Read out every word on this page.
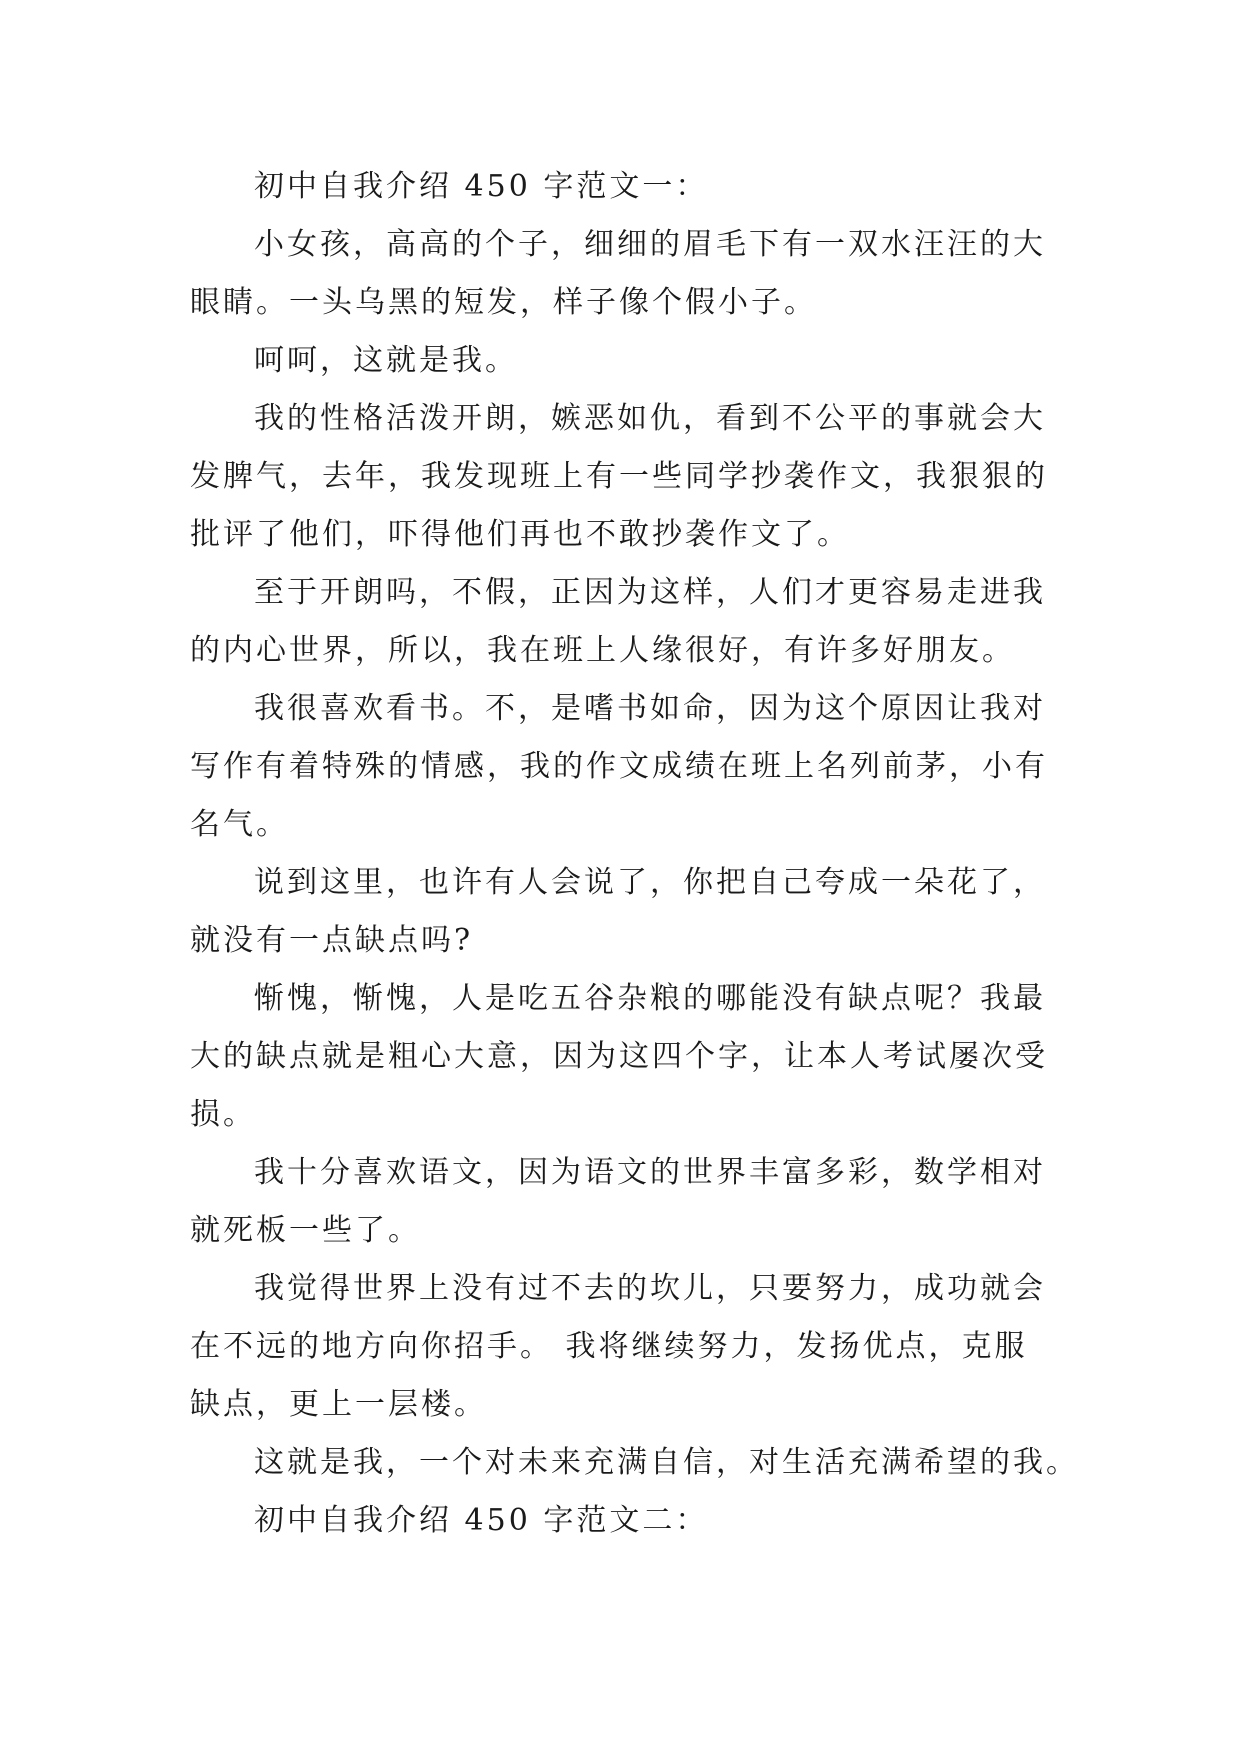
初中自我介绍 450 字范文一：
小女孩，高高的个子，细细的眉毛下有一双水汪汪的大
眼睛。一头乌黑的短发，样子像个假小子。
呵呵，这就是我。
我的性格活泼开朗，嫉恶如仇，看到不公平的事就会大
发脾气，去年，我发现班上有一些同学抄袭作文，我狠狠的
批评了他们，吓得他们再也不敢抄袭作文了。
至于开朗吗，不假，正因为这样，人们才更容易走进我
的内心世界，所以，我在班上人缘很好，有许多好朋友。
我很喜欢看书。不，是嗜书如命，因为这个原因让我对
写作有着特殊的情感，我的作文成绩在班上名列前茅，小有
名气。
说到这里，也许有人会说了，你把自己夸成一朵花了，
就没有一点缺点吗?
惭愧，惭愧，人是吃五谷杂粮的哪能没有缺点呢？我最
大的缺点就是粗心大意，因为这四个字，让本人考试屡次受
损。
我十分喜欢语文，因为语文的世界丰富多彩，数学相对
就死板一些了。
我觉得世界上没有过不去的坎儿，只要努力，成功就会
在不远的地方向你招手。 我将继续努力，发扬优点，克服
缺点，更上一层楼。
这就是我，一个对未来充满自信，对生活充满希望的我。
初中自我介绍 450 字范文二：
